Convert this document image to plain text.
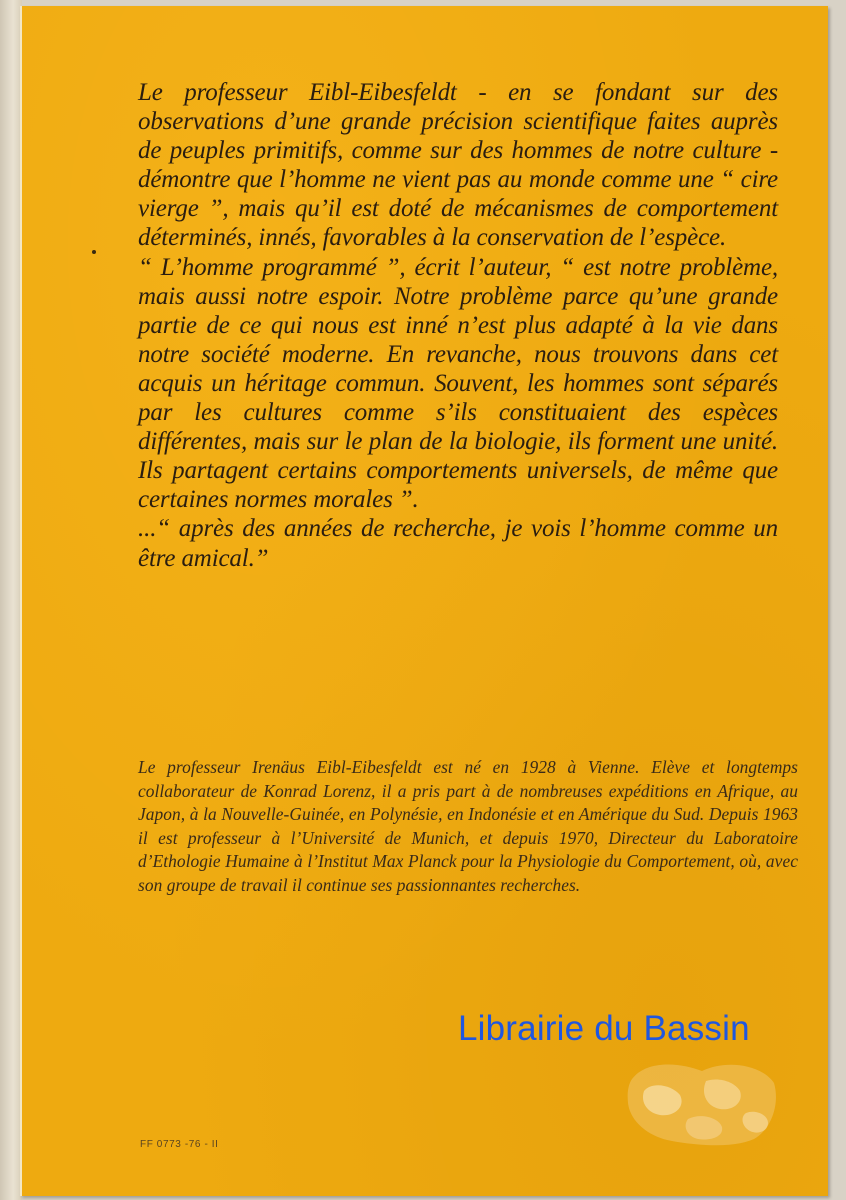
Le professeur Eibl-Eibesfeldt - en se fondant sur des observations d’une grande précision scientifique faites auprès de peuples primitifs, comme sur des hommes de notre culture - démontre que l’homme ne vient pas au monde comme une “ cire vierge ”, mais qu’il est doté de mécanismes de comportement déterminés, innés, favorables à la conservation de l’espèce.

“ L’homme programmé ”, écrit l’auteur, “ est notre problème, mais aussi notre espoir. Notre problème parce qu’une grande partie de ce qui nous est inné n’est plus adapté à la vie dans notre société moderne. En revanche, nous trouvons dans cet acquis un héritage commun. Souvent, les hommes sont séparés par les cultures comme s’ils constituaient des espèces différentes, mais sur le plan de la biologie, ils forment une unité. Ils partagent certains comportements universels, de même que certaines normes morales ”.

...“ après des années de recherche, je vois l’homme comme un être amical.”

Le professeur Irenäus Eibl-Eibesfeldt est né en 1928 à Vienne. Elève et longtemps collaborateur de Konrad Lorenz, il a pris part à de nombreuses expéditions en Afrique, au Japon, à la Nouvelle-Guinée, en Polynésie, en Indonésie et en Amérique du Sud. Depuis 1963 il est professeur à l’Université de Munich, et depuis 1970, Directeur du Laboratoire d’Ethologie Humaine à l’Institut Max Planck pour la Physiologie du Comportement, où, avec son groupe de travail il continue ses passionnantes recherches.

Librairie du Bassin
FF 0773 -76 - II
